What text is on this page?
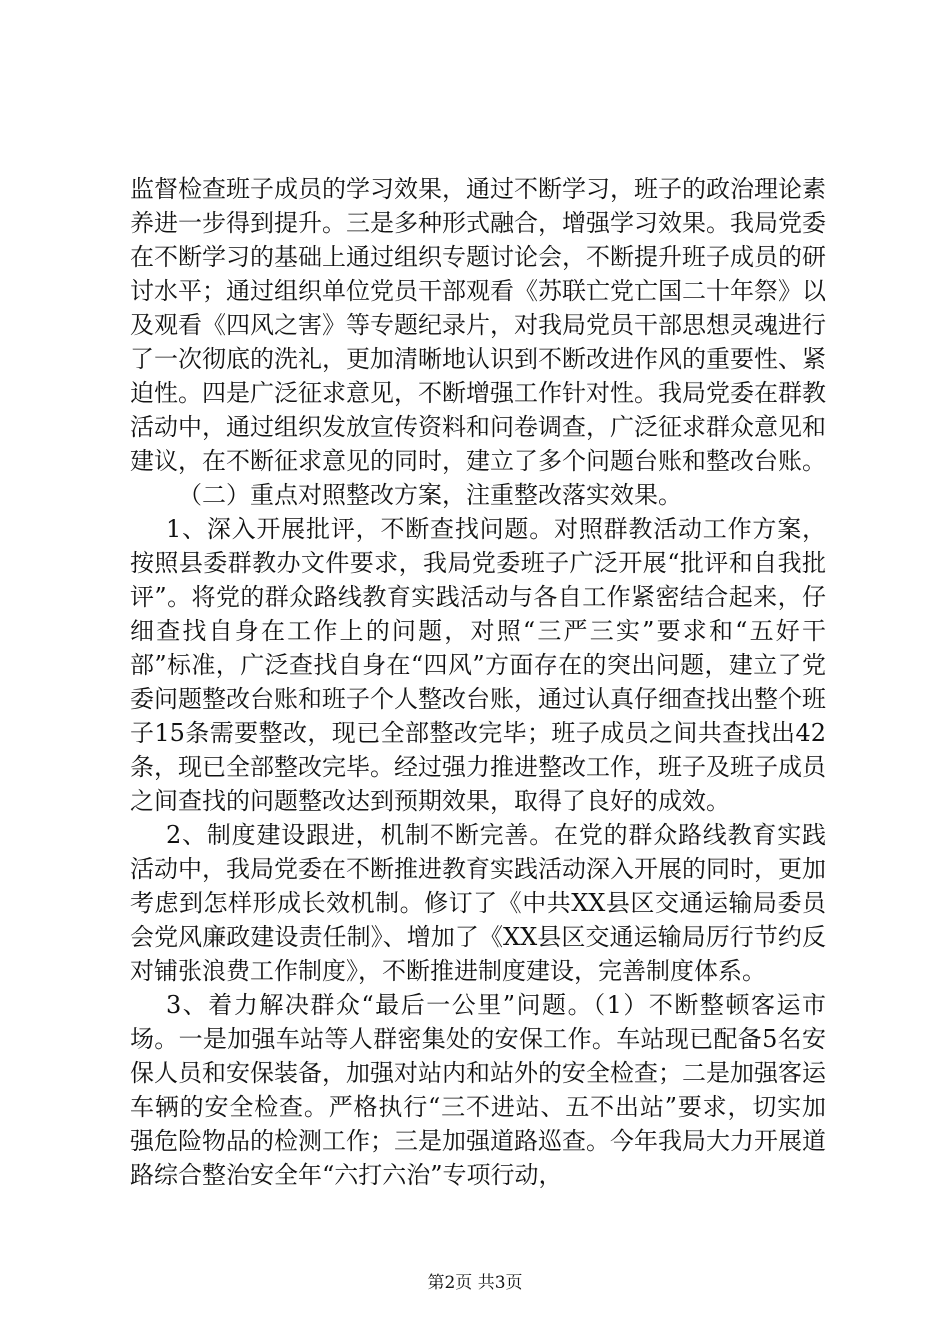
监督检查班子成员的学习效果，通过不断学习，班子的政治理论素养进一步得到提升。三是多种形式融合，增强学习效果。我局党委在不断学习的基础上通过组织专题讨论会，不断提升班子成员的研讨水平；通过组织单位党员干部观看《苏联亡党亡国二十年祭》以及观看《四风之害》等专题纪录片，对我局党员干部思想灵魂进行了一次彻底的洗礼，更加清晰地认识到不断改进作风的重要性、紧迫性。四是广泛征求意见，不断增强工作针对性。我局党委在群教活动中，通过组织发放宣传资料和问卷调查，广泛征求群众意见和建议，在不断征求意见的同时，建立了多个问题台账和整改台账。

（二）重点对照整改方案，注重整改落实效果。

1、深入开展批评，不断查找问题。对照群教活动工作方案，按照县委群教办文件要求，我局党委班子广泛开展“批评和自我批评”。将党的群众路线教育实践活动与各自工作紧密结合起来，仔细查找自身在工作上的问题，对照“三严三实”要求和“五好干部”标准，广泛查找自身在“四风”方面存在的突出问题，建立了党委问题整改台账和班子个人整改台账，通过认真仔细查找出整个班子15条需要整改，现已全部整改完毕；班子成员之间共查找出42条，现已全部整改完毕。经过强力推进整改工作，班子及班子成员之间查找的问题整改达到预期效果，取得了良好的成效。

2、制度建设跟进，机制不断完善。在党的群众路线教育实践活动中，我局党委在不断推进教育实践活动深入开展的同时，更加考虑到怎样形成长效机制。修订了《中共XX县区交通运输局委员会党风廉政建设责任制》、增加了《XX县区交通运输局厉行节约反对铺张浪费工作制度》，不断推进制度建设，完善制度体系。

3、着力解决群众“最后一公里”问题。（1）不断整顿客运市场。一是加强车站等人群密集处的安保工作。车站现已配备5名安保人员和安保装备，加强对站内和站外的安全检查；二是加强客运车辆的安全检查。严格执行“三不进站、五不出站”要求，切实加强危险物品的检测工作；三是加强道路巡查。今年我局大力开展道路综合整治安全年“六打六治”专项行动，

第2页 共3页
